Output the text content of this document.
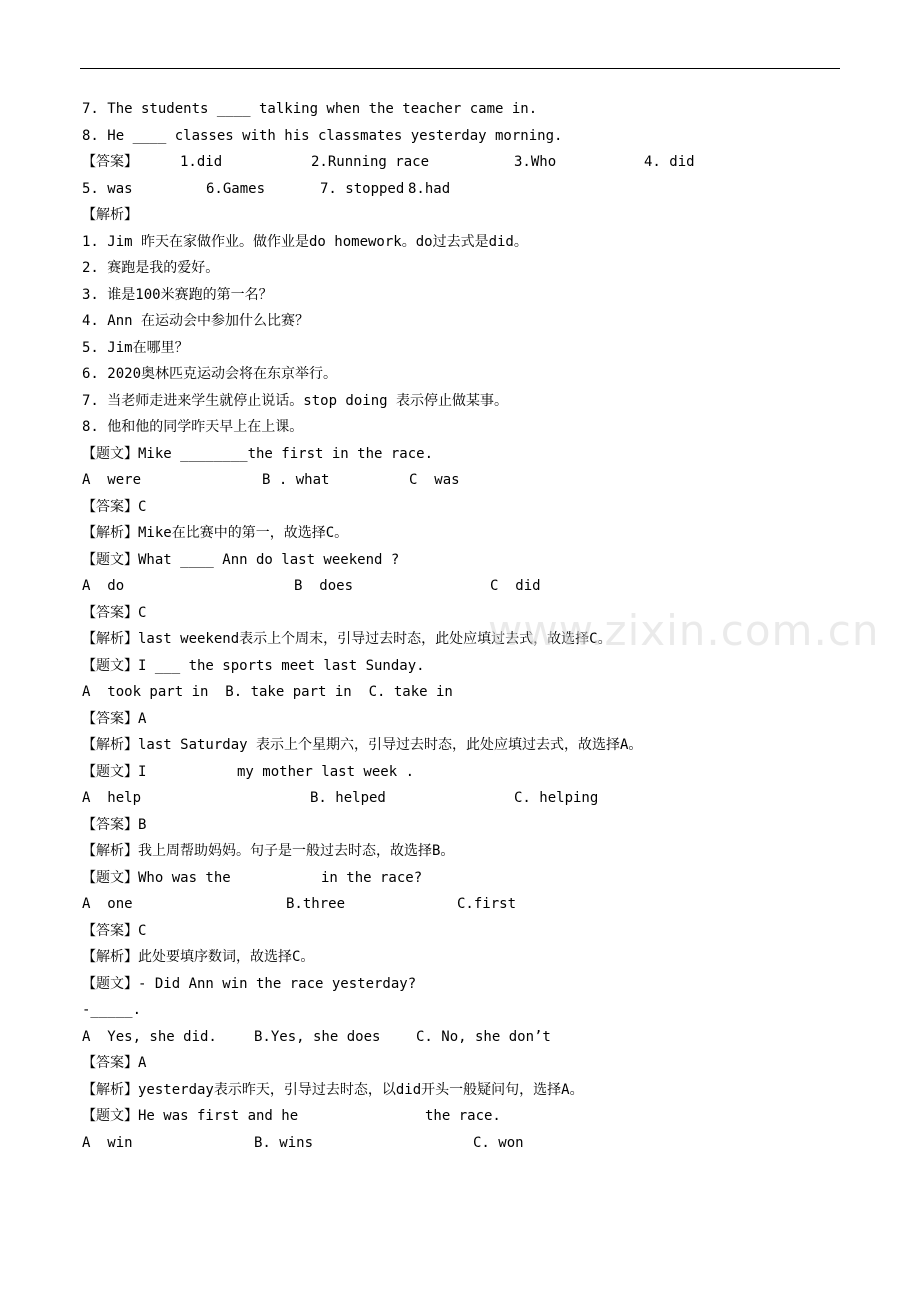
7. The students ____ talking when the teacher came in.
8. He ____ classes with his classmates yesterday morning.
【答案】	1.did	2.Running race	3.Who	4. did
5. was	6.Games	7. stopped 8.had
【解析】
1. Jim 昨天在家做作业。做作业是do homework。do过去式是did。
2. 赛跑是我的爱好。
3. 谁是100米赛跑的第一名？
4. Ann 在运动会中参加什么比赛？
5. Jim在哪里？
6. 2020奥林匹克运动会将在东京举行。
7. 当老师走进来学生就停止说话。stop doing 表示停止做某事。
8. 他和他的同学昨天早上在上课。
【题文】Mike ________the first in the race.
A  were	B . what	C  was
【答案】C
【解析】Mike在比赛中的第一，故选择C。
【题文】What ____ Ann do last weekend ?
A  do	B  does	C  did
【答案】C
【解析】last weekend表示上个周末，引导过去时态，此处应填过去式，故选择C。
【题文】I ___ the sports meet last Sunday.
A  took part in  B. take part in  C. take in
【答案】A
【解析】last Saturday 表示上个星期六，引导过去时态，此处应填过去式，故选择A。
【题文】I	my mother last week .
A  help	B. helped	C. helping
【答案】B
【解析】我上周帮助妈妈。句子是一般过去时态，故选择B。
【题文】Who was the	in the race?
A  one	B.three	C.first
【答案】C
【解析】此处要填序数词，故选择C。
【题文】- Did Ann win the race yesterday?
-_____.
A  Yes, she did.	B.Yes, she does	C. No, she don’t
【答案】A
【解析】yesterday表示昨天，引导过去时态，以did开头一般疑问句，选择A。
【题文】He was first and he	the race.
A  win	B. wins	C. won
www.zixin.com.cn
